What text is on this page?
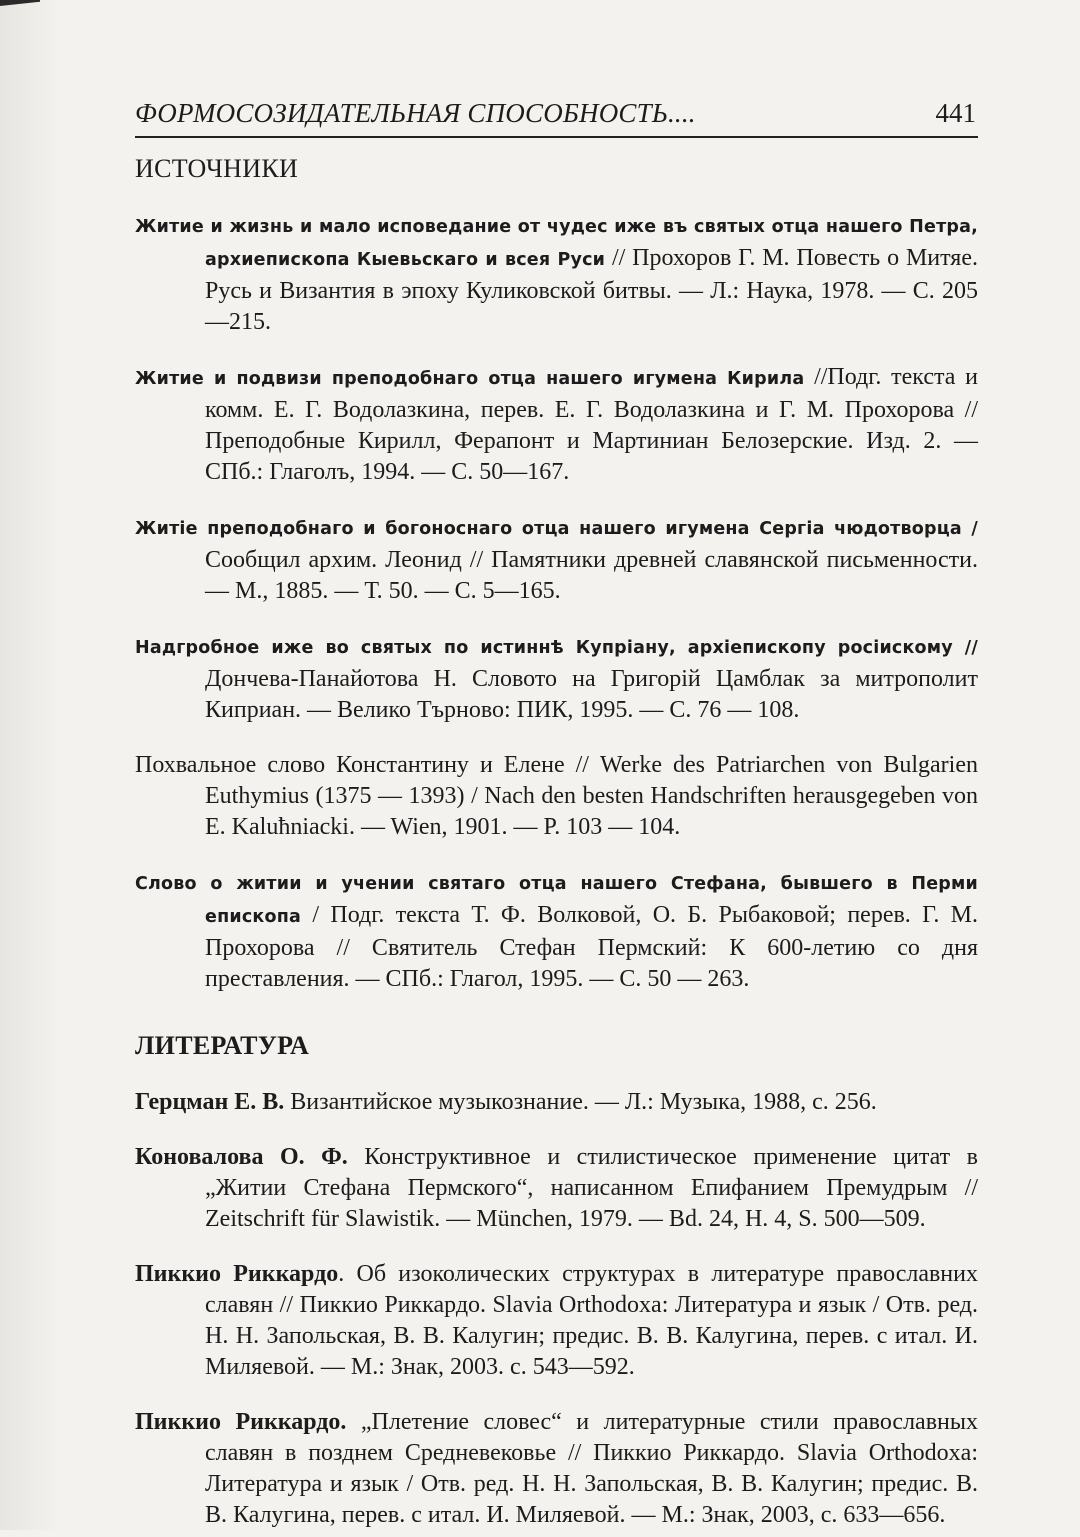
ФОРМОСОЗИДАТЕЛЬНАЯ СПОСОБНОСТЬ....	441
ИСТОЧНИКИ

Житие и жизнь и мало исповедание от чудес иже въ святых отца нашего Петра, архиепископа Кыевьскаго и всея Руси // Прохоров Г. М. Повесть о Митяе. Русь и Византия в эпоху Куликовской битвы. — Л.: Наука, 1978. — С. 205—215.

Житие и подвизи преподобнаго отца нашего игумена Кирила //Подг. текста и комм. Е. Г. Водолазкина, перев. Е. Г. Водолазкина и Г. М. Прохорова // Преподобные Кирилл, Ферапонт и Мартиниан Белозерские. Изд. 2. — СПб.: Глаголъ, 1994. — С. 50—167.

Житiе преподобнаго и богоноснаго отца нашего игумена Сергiа чюдотворца / Сообщил архим. Леонид // Памятники древней славянской письменности. — М., 1885. — Т. 50. — С. 5—165.

Надгробное иже во святых по истиннѣ Купрiану, архiепископу росiискому // Дончева-Панайотова Н. Словото на Григорій Цамблак за митрополит Киприан. — Велико Търново: ПИК, 1995. — С. 76 — 108.

Похвальное слово Константину и Елене // Werke des Patriarchen von Bulgarien Euthymius (1375 — 1393) / Nach den besten Handschriften herausgegeben von E. Kaluћniacki. — Wien, 1901. — P. 103 — 104.

Слово о житии и учении святаго отца нашего Стефана, бывшего в Перми епископа / Подг. текста Т. Ф. Волковой, О. Б. Рыбаковой; перев. Г. М. Прохорова // Святитель Стефан Пермский: К 600-летию со дня преставления. — СПб.: Глагол, 1995. — С. 50 — 263.

ЛИТЕРАТУРА

Герцман Е. В. Византийское музыкознание. — Л.: Музыка, 1988, с. 256.

Коновалова О. Ф. Конструктивное и стилистическое применение цитат в „Житии Стефана Пермского“, написанном Епифанием Премудрым // Zeitschrift für Slawistik. — München, 1979. — Bd. 24, H. 4, S. 500—509.

Пиккио Риккардо. Об изоколических структурах в литературе православних славян // Пиккио Риккардо. Slavia Orthodoxa: Литература и язык / Отв. ред. Н. Н. Запольская, В. В. Калугин; предис. В. В. Калугина, перев. с итал. И. Миляевой. — М.: Знак, 2003. с. 543—592.

Пиккио Риккардо. „Плетение словес“ и литературные стили православных славян в позднем Средневековье // Пиккио Риккардо. Slavia Orthodoxa: Литература и язык / Отв. ред. Н. Н. Запольская, В. В. Калугин; предис. В. В. Калугина, перев. с итал. И. Миляевой. — М.: Знак, 2003, с. 633—656.
